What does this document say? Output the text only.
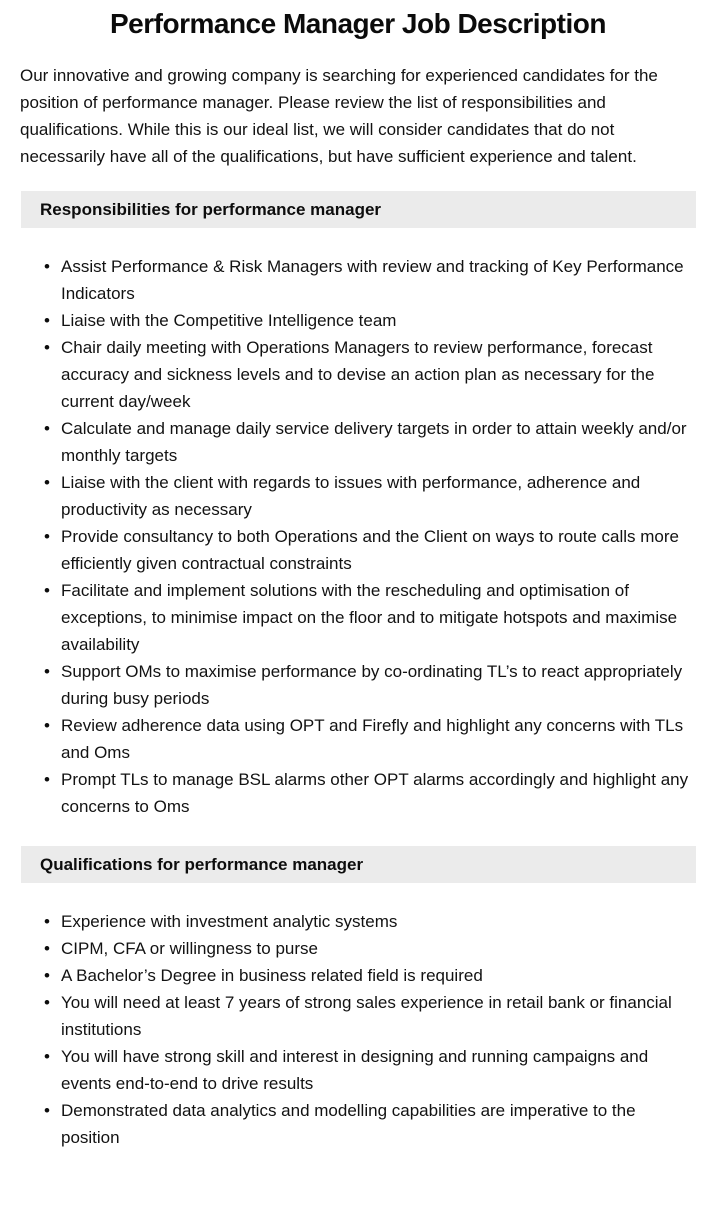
Performance Manager Job Description

Our innovative and growing company is searching for experienced candidates for the position of performance manager. Please review the list of responsibilities and qualifications. While this is our ideal list, we will consider candidates that do not necessarily have all of the qualifications, but have sufficient experience and talent.

Responsibilities for performance manager
• Assist Performance & Risk Managers with review and tracking of Key Performance Indicators
• Liaise with the Competitive Intelligence team
• Chair daily meeting with Operations Managers to review performance, forecast accuracy and sickness levels and to devise an action plan as necessary for the current day/week
• Calculate and manage daily service delivery targets in order to attain weekly and/or monthly targets
• Liaise with the client with regards to issues with performance, adherence and productivity as necessary
• Provide consultancy to both Operations and the Client on ways to route calls more efficiently given contractual constraints
• Facilitate and implement solutions with the rescheduling and optimisation of exceptions, to minimise impact on the floor and to mitigate hotspots and maximise availability
• Support OMs to maximise performance by co-ordinating TL’s to react appropriately during busy periods
• Review adherence data using OPT and Firefly and highlight any concerns with TLs and Oms
• Prompt TLs to manage BSL alarms other OPT alarms accordingly and highlight any concerns to Oms
Qualifications for performance manager
• Experience with investment analytic systems
• CIPM, CFA or willingness to purse
• A Bachelor’s Degree in business related field is required
• You will need at least 7 years of strong sales experience in retail bank or financial institutions
• You will have strong skill and interest in designing and running campaigns and events end-to-end to drive results
• Demonstrated data analytics and modelling capabilities are imperative to the position
